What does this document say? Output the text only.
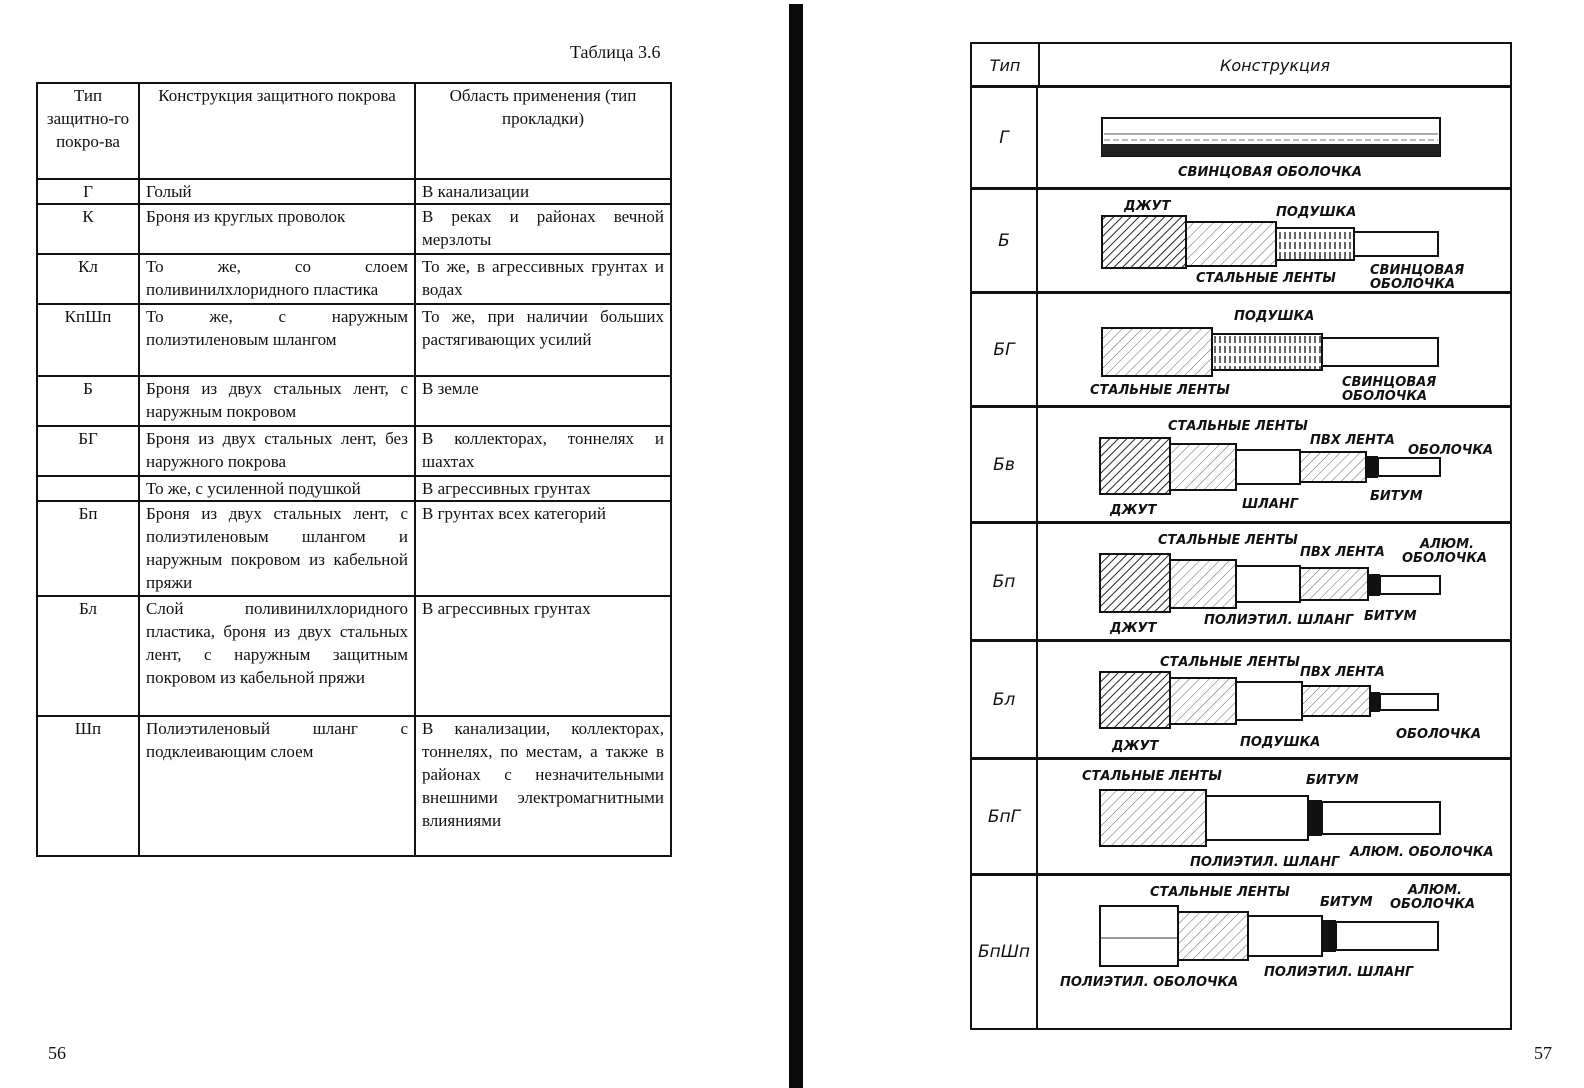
Таблица 3.6
Тип защитно-го покро-ва	Конструкция защитного покрова	Область применения (тип прокладки)
Г	Голый	В канализации
К	Броня из круглых проволок	В реках и районах вечной мерзлоты
Кл	То же, со слоем поливинилхлоридного пластика	То же, в агрессивных грунтах и водах
КпШп	То же, с наружным полиэтиленовым шлангом	То же, при наличии больших растягивающих усилий
Б	Броня из двух стальных лент, с наружным покровом	В земле
БГ	Броня из двух стальных лент, без наружного покрова	В коллекторах, тоннелях и шахтах
	То же, с усиленной подушкой	В агрессивных грунтах
Бп	Броня из двух стальных лент, с полиэтиленовым шлангом и наружным покровом из кабельной пряжи	В грунтах всех категорий
Бл	Слой поливинилхлоридного пластика, броня из двух стальных лент, с наружным защитным покровом из кабельной пряжи	В агрессивных грунтах
Шп	Полиэтиленовый шланг с подклеивающим слоем	В канализации, коллекторах, тоннелях, по местам, а также в районах с незначительными внешними электромагнитными влияниями
56
Тип	Конструкция
Г
СВИНЦОВАЯ ОБОЛОЧКА
Б
ДЖУТ	ПОДУШКА
СТАЛЬНЫЕ ЛЕНТЫ
СВИНЦОВАЯ
ОБОЛОЧКА
БГ
ПОДУШКА
СТАЛЬНЫЕ ЛЕНТЫ
СВИНЦОВАЯ
ОБОЛОЧКА
Бв
СТАЛЬНЫЕ ЛЕНТЫ
ПВХ ЛЕНТА
ОБОЛОЧКА
ШЛАНГ
БИТУМ
ДЖУТ
Бп
СТАЛЬНЫЕ ЛЕНТЫ
ПВХ ЛЕНТА
АЛЮМ.
ОБОЛОЧКА
ПОЛИЭТИЛ. ШЛАНГ БИТУМ
ДЖУТ
Бл
СТАЛЬНЫЕ ЛЕНТЫ
ПВХ ЛЕНТА
ДЖУТ	ПОДУШКА
ОБОЛОЧКА
БпГ
СТАЛЬНЫЕ ЛЕНТЫ	БИТУМ
ПОЛИЭТИЛ. ШЛАНГ
АЛЮМ. ОБОЛОЧКА
БпШп
СТАЛЬНЫЕ ЛЕНТЫ
БИТУМ
АЛЮМ.
ОБОЛОЧКА
ПОЛИЭТИЛ. ОБОЛОЧКА
ПОЛИЭТИЛ. ШЛАНГ
57
